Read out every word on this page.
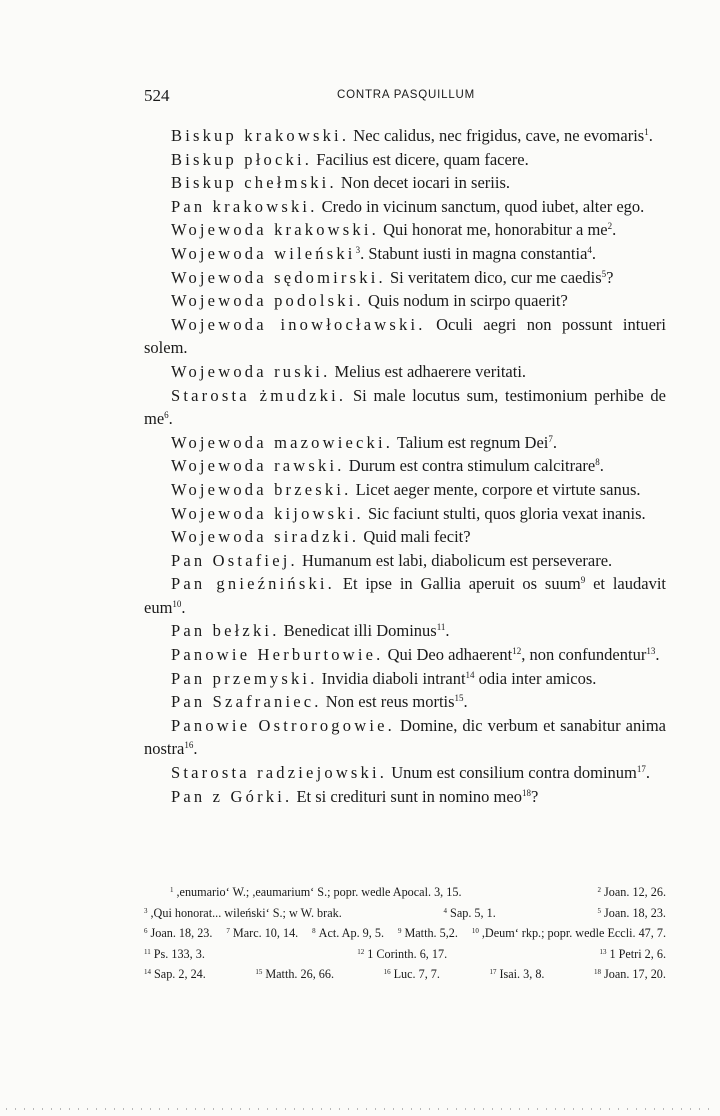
524	CONTRA PASQUILLUM

Biskup krakowski. Nec calidus, nec frigidus, cave, ne evomaris$^1$.

Biskup płocki. Facilius est dicere, quam facere.

Biskup chełmski. Non decet iocari in seriis.

Pan krakowski. Credo in vicinum sanctum, quod iubet, alter ego.

Wojewoda krakowski. Qui honorat me, honorabitur a $me^2$.

Wojewoda wileński$^3$. Stabunt iusti in magna constantia$^4$.

Wojewoda sędomirski. Si veritatem dico, cur me caedis$^5$?

Wojewoda podolski. Quis nodum in scirpo quaerit?

Wojewoda inowłocławski. Oculi aegri non possunt intueri solem.

Wojewoda ruski. Melius est adhaerere veritati.

Starosta żmudzki. Si male locutus sum, testimonium perhibe de $me^6$.

Wojewoda mazowiecki. Talium est regnum Dei$^7$.

Wojewoda rawski. Durum est contra stimulum calcitrare$^8$.

Wojewoda brzeski. Licet aeger mente, corpore et virtute sanus.

Wojewoda kijowski. Sic faciunt stulti, quos gloria vexat inanis.

Wojewoda siradzki. Quid mali fecit?

Pan Ostafiej. Humanum est labi, diabolicum est perseverare.

Pan gnieźniński. Et ipse in Gallia aperuit os suum$^9$ et laudavit eum$^{10}$.

Pan bełzki. Benedicat illi Dominus$^{11}$.

Panowie Herburtowie. Qui Deo adhaerent$^{12}$, non confundentur$^{13}$.

Pan przemyski. Invidia diaboli intrant$^{14}$ odia inter amicos.

Pan Szafraniec. Non est reus mortis$^{15}$.

Panowie Ostrorogowie. Domine, dic verbum et sanabitur anima nostra$^{16}$.

Starosta radziejowski. Unum est consilium contra dominum$^{17}$.

Pan z Górki. Et si credituri sunt in nomino meo$^{18}$?

$^1$ ,enumario‘ W.; ,eaumarium‘ S.; popr. wedle Apocal. 3, 15.	$^2$ Joan. 12, 26.
$^3$ ,Qui honorat... wileński‘ S.; w W. brak.	$^4$ Sap. 5, 1.	$^5$ Joan. 18, 23.
$^6$ Joan. 18, 23. $^7$ Marc. 10, 14. $^8$ Act. Ap. 9, 5. $^9$ Matth. 5,2. $^{10}$ ,Deum‘ rkp.; popr. wedle Eccli. 47, 7.
$^{11}$ Ps. 133, 3.	$^{12}$ 1 Corinth. 6, 17.	$^{13}$ 1 Petri 2, 6.
$^{14}$ Sap. 2, 24.	$^{15}$ Matth. 26, 66.	$^{16}$ Luc. 7, 7.	$^{17}$ Isai. 3, 8.	$^{18}$ Joan. 17, 20.
